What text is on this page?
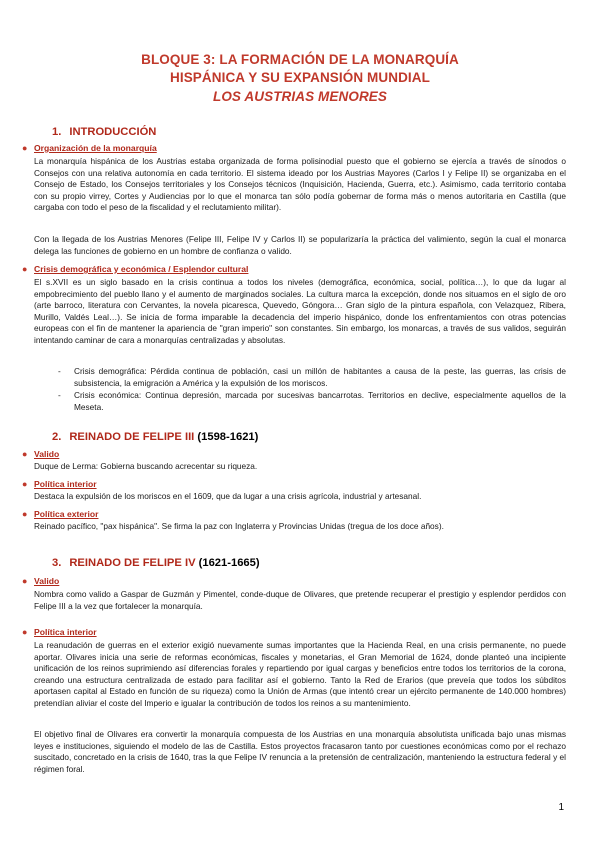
BLOQUE 3: LA FORMACIÓN DE LA MONARQUÍA
HISPÁNICA Y SU EXPANSIÓN MUNDIAL
LOS AUSTRIAS MENORES
1. INTRODUCCIÓN
● Organización de la monarquía
La monarquía hispánica de los Austrias estaba organizada de forma polisinodial puesto que el gobierno se ejercía a través de sínodos o Consejos con una relativa autonomía en cada territorio. El sistema ideado por los Austrias Mayores (Carlos I y Felipe II) se organizaba en el Consejo de Estado, los Consejos territoriales y los Consejos técnicos (Inquisición, Hacienda, Guerra, etc.). Asimismo, cada territorio contaba con su propio virrey, Cortes y Audiencias por lo que el monarca tan sólo podía gobernar de forma más o menos autoritaria en Castilla (que cargaba con todo el peso de la fiscalidad y el reclutamiento militar).
Con la llegada de los Austrias Menores (Felipe III, Felipe IV y Carlos II) se popularizaría la práctica del valimiento, según la cual el monarca delega las funciones de gobierno en un hombre de confianza o valido.
● Crisis demográfica y económica / Esplendor cultural
El s.XVII es un siglo basado en la crisis continua a todos los niveles (demográfica, económica, social, política…), lo que da lugar al empobrecimiento del pueblo llano y el aumento de marginados sociales. La cultura marca la excepción, donde nos situamos en el siglo de oro (arte barroco, literatura con Cervantes, la novela picaresca, Quevedo, Góngora… Gran siglo de la pintura española, con Velazquez, Ribera, Murillo, Valdés Leal…). Se inicia de forma imparable la decadencia del imperio hispánico, donde los enfrentamientos con otras potencias europeas con el fin de mantener la apariencia de "gran imperio" son constantes. Sin embargo, los monarcas, a través de sus validos, seguirán intentando caminar de cara a monarquías centralizadas y absolutas.
- Crisis demográfica: Pérdida continua de población, casi un millón de habitantes a causa de la peste, las guerras, las crisis de subsistencia, la emigración a América y la expulsión de los moriscos.
- Crisis económica: Continua depresión, marcada por sucesivas bancarrotas. Territorios en declive, especialmente aquellos de la Meseta.
2. REINADO DE FELIPE III (1598-1621)
● Valido
Duque de Lerma: Gobierna buscando acrecentar su riqueza.
● Política interior
Destaca la expulsión de los moriscos en el 1609, que da lugar a una crisis agrícola, industrial y artesanal.
● Política exterior
Reinado pacífico, "pax hispánica". Se firma la paz con Inglaterra y Provincias Unidas (tregua de los doce años).
3. REINADO DE FELIPE IV (1621-1665)
● Valido
Nombra como valido a Gaspar de Guzmán y Pimentel, conde-duque de Olivares, que pretende recuperar el prestigio y esplendor perdidos con Felipe III a la vez que fortalecer la monarquía.
● Política interior
La reanudación de guerras en el exterior exigió nuevamente sumas importantes que la Hacienda Real, en una crisis permanente, no puede aportar. Olivares inicia una serie de reformas económicas, fiscales y monetarias, el Gran Memorial de 1624, donde planteó una incipiente unificación de los reinos suprimiendo así diferencias forales y repartiendo por igual cargas y beneficios entre todos los territorios de la corona, creando una estructura centralizada de estado para facilitar así el gobierno. Tanto la Red de Erarios (que preveía que todos los súbditos aportasen capital al Estado en función de su riqueza) como la Unión de Armas (que intentó crear un ejército permanente de 140.000 hombres) pretendían aliviar el coste del Imperio e igualar la contribución de todos los reinos a su mantenimiento.
El objetivo final de Olivares era convertir la monarquía compuesta de los Austrias en una monarquía absolutista unificada bajo unas mismas leyes e instituciones, siguiendo el modelo de las de Castilla. Estos proyectos fracasaron tanto por cuestiones económicas como por el rechazo suscitado, concretado en la crisis de 1640, tras la que Felipe IV renuncia a la pretensión de centralización, manteniendo la estructura federal y el régimen foral.
1
